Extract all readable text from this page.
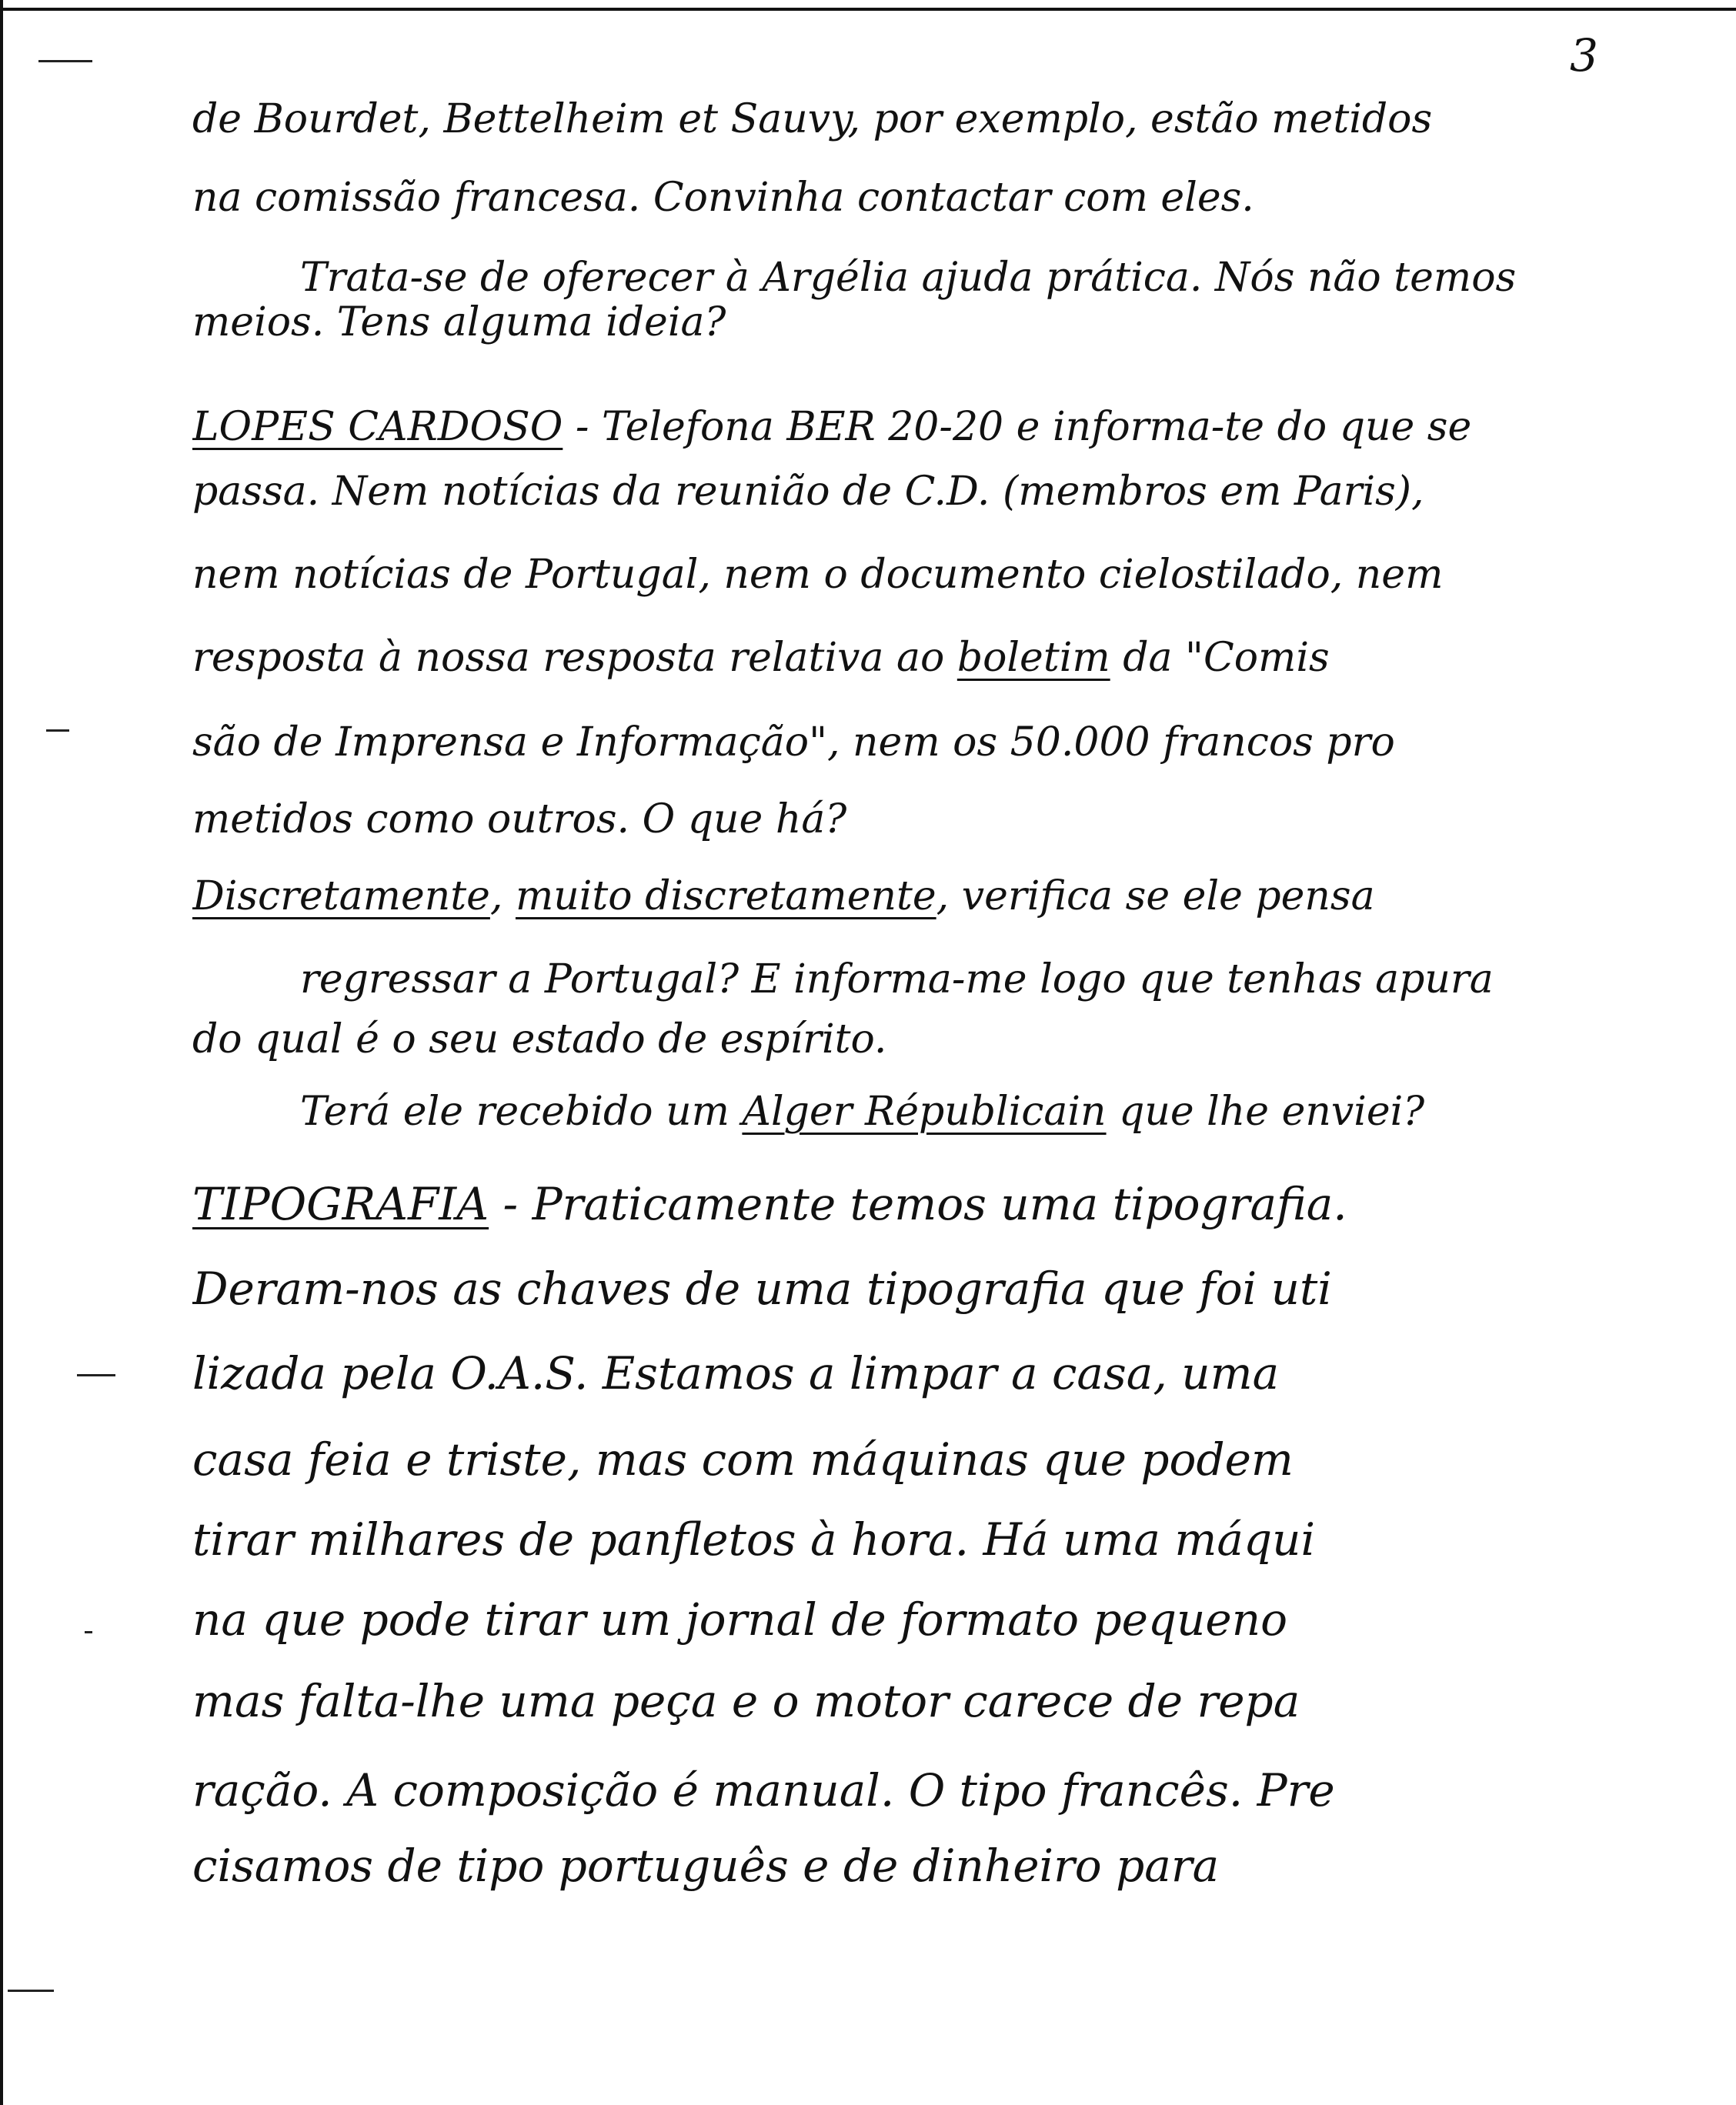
3
de Bourdet, Bettelheim et Sauvy, por exemplo, estão metidos
na comissão francesa. Convinha contactar com eles.
Trata-se de oferecer à Argélia ajuda prática. Nós não temos
meios. Tens alguma ideia?
LOPES CARDOSO - Telefona BER 20-20 e informa-te do que se
passa. Nem notícias da reunião de C.D. (membros em Paris),
nem notícias de Portugal, nem o documento cielostilado, nem
resposta à nossa resposta relativa ao boletim da "Comis
são de Imprensa e Informação", nem os 50.000 francos pro
metidos como outros. O que há?
Discretamente, muito discretamente, verifica se ele pensa
regressar a Portugal? E informa-me logo que tenhas apura
do qual é o seu estado de espírito.
Terá ele recebido um Alger Républicain que lhe enviei?
TIPOGRAFIA - Praticamente temos uma tipografia.
Deram-nos as chaves de uma tipografia que foi uti
lizada pela O.A.S. Estamos a limpar a casa, uma
casa feia e triste, mas com máquinas que podem
tirar milhares de panfletos à hora. Há uma máqui
na que pode tirar um jornal de formato pequeno
mas falta-lhe uma peça e o motor carece de repa
ração. A composição é manual. O tipo francês. Pre
cisamos de tipo português e de dinheiro para
